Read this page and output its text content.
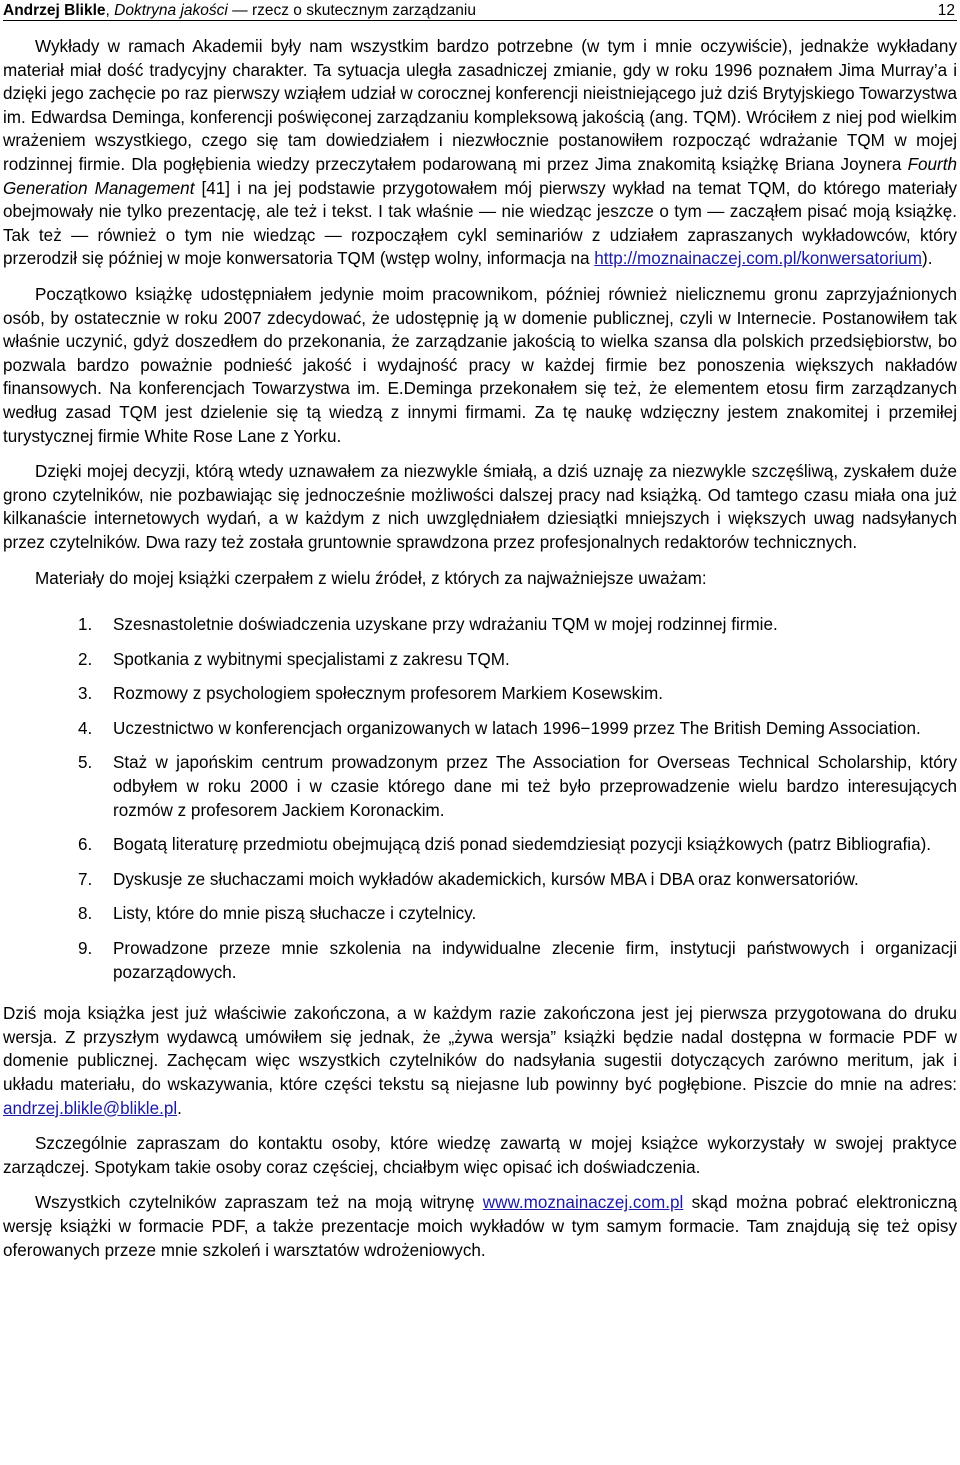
Andrzej Blikle, Doktryna jakości — rzecz o skutecznym zarządzaniu	12

Wykłady w ramach Akademii były nam wszystkim bardzo potrzebne (w tym i mnie oczywiście), jednakże wykładany materiał miał dość tradycyjny charakter. Ta sytuacja uległa zasadniczej zmianie, gdy w roku 1996 poznałem Jima Murray’a i dzięki jego zachęcie po raz pierwszy wziąłem udział w corocznej konferencji nieistniejącego już dziś Brytyjskiego Towarzystwa im. Edwardsa Deminga, konferencji poświęconej zarządzaniu kompleksową jakością (ang. TQM). Wróciłem z niej pod wielkim wrażeniem wszystkiego, czego się tam dowiedziałem i niezwłocznie postanowiłem rozpocząć wdrażanie TQM w mojej rodzinnej firmie. Dla pogłębienia wiedzy przeczytałem podarowaną mi przez Jima znakomitą książkę Briana Joynera Fourth Generation Management [41] i na jej podstawie przygotowałem mój pierwszy wykład na temat TQM, do którego materiały obejmowały nie tylko prezentację, ale też i tekst. I tak właśnie — nie wiedząc jeszcze o tym — zacząłem pisać moją książkę. Tak też — również o tym nie wiedząc — rozpocząłem cykl seminariów z udziałem zapraszanych wykładowców, który przerodził się później w moje konwersatoria TQM (wstęp wolny, informacja na http://moznainaczej.com.pl/konwersatorium).

Początkowo książkę udostępniałem jedynie moim pracownikom, później również nielicznemu gronu zaprzyjaźnionych osób, by ostatecznie w roku 2007 zdecydować, że udostępnię ją w domenie publicznej, czyli w Internecie. Postanowiłem tak właśnie uczynić, gdyż doszedłem do przekonania, że zarządzanie jakością to wielka szansa dla polskich przedsiębiorstw, bo pozwala bardzo poważnie podnieść jakość i wydajność pracy w każdej firmie bez ponoszenia większych nakładów finansowych. Na konferencjach Towarzystwa im. E.Deminga przekonałem się też, że elementem etosu firm zarządzanych według zasad TQM jest dzielenie się tą wiedzą z innymi firmami. Za tę naukę wdzięczny jestem znakomitej i przemiłej turystycznej firmie White Rose Lane z Yorku.

Dzięki mojej decyzji, którą wtedy uznawałem za niezwykle śmiałą, a dziś uznaję za niezwykle szczęśliwą, zyskałem duże grono czytelników, nie pozbawiając się jednocześnie możliwości dalszej pracy nad książką. Od tamtego czasu miała ona już kilkanaście internetowych wydań, a w każdym z nich uwzględniałem dziesiątki mniejszych i większych uwag nadsyłanych przez czytelników. Dwa razy też została gruntownie sprawdzona przez profesjonalnych redaktorów technicznych.

Materiały do mojej książki czerpałem z wielu źródeł, z których za najważniejsze uważam:

1.	Szesnastoletnie doświadczenia uzyskane przy wdrażaniu TQM w mojej rodzinnej firmie.
2.	Spotkania z wybitnymi specjalistami z zakresu TQM.
3.	Rozmowy z psychologiem społecznym profesorem Markiem Kosewskim.
4.	Uczestnictwo w konferencjach organizowanych w latach 1996−1999 przez The British Deming Association.
5.	Staż w japońskim centrum prowadzonym przez The Association for Overseas Technical Scholarship, który odbyłem w roku 2000 i w czasie którego dane mi też było przeprowadzenie wielu bardzo interesujących rozmów z profesorem Jackiem Koronackim.
6.	Bogatą literaturę przedmiotu obejmującą dziś ponad siedemdziesiąt pozycji książkowych (patrz Bibliografia).
7.	Dyskusje ze słuchaczami moich wykładów akademickich, kursów MBA i DBA oraz konwersatoriów.
8.	Listy, które do mnie piszą słuchacze i czytelnicy.
9.	Prowadzone przeze mnie szkolenia na indywidualne zlecenie firm, instytucji państwowych i organizacji pozarządowych.

Dziś moja książka jest już właściwie zakończona, a w każdym razie zakończona jest jej pierwsza przygotowana do druku wersja. Z przyszłym wydawcą umówiłem się jednak, że „żywa wersja” książki będzie nadal dostępna w formacie PDF w domenie publicznej. Zachęcam więc wszystkich czytelników do nadsyłania sugestii dotyczących zarówno meritum, jak i układu materiału, do wskazywania, które części tekstu są niejasne lub powinny być pogłębione. Piszcie do mnie na adres: andrzej.blikle@blikle.pl.

Szczególnie zapraszam do kontaktu osoby, które wiedzę zawartą w mojej książce wykorzystały w swojej praktyce zarządczej. Spotykam takie osoby coraz częściej, chciałbym więc opisać ich doświadczenia.

Wszystkich czytelników zapraszam też na moją witrynę www.moznainaczej.com.pl skąd można pobrać elektroniczną wersję książki w formacie PDF, a także prezentacje moich wykładów w tym samym formacie. Tam znajdują się też opisy oferowanych przeze mnie szkoleń i warsztatów wdrożeniowych.
